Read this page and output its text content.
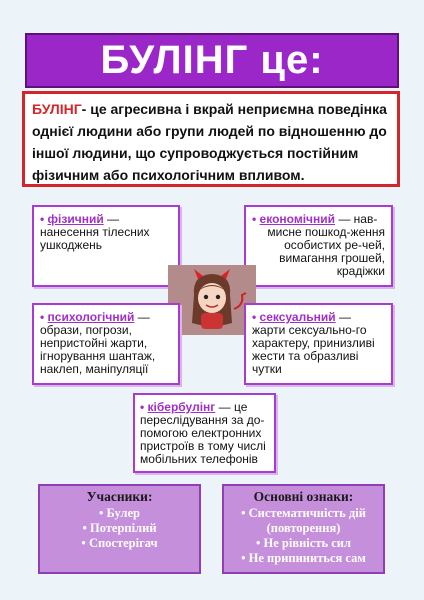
БУЛІНГ це:
БУЛІНГ- це агресивна і вкрай неприємна поведінка однієї людини або групи людей по відношенню до іншої людини, що супроводжується постійним фізичним або психологічним впливом.
• фізичний —
нанесення тілесних ушкоджень
• економічний — нав-
мисне пошкод-ження особистих ре-чей, вимагання грошей, крадіжки
• психологічний —
образи, погрози, непристойні жарти, ігнорування шантаж, наклеп, маніпуляції
• сексуальний —
жарти сексуально-го характеру, принизливі жести та образливі чутки
• кібербулінг — це
переслідування за до-помогою електронних пристроїв в тому числі мобільних телефонів
Учасники:
• Булер
• Потерпілий
• Спостерігач
Основні ознаки:
• Систематичність дій (повторення)
• Не рівність сил
• Не припиниться сам
